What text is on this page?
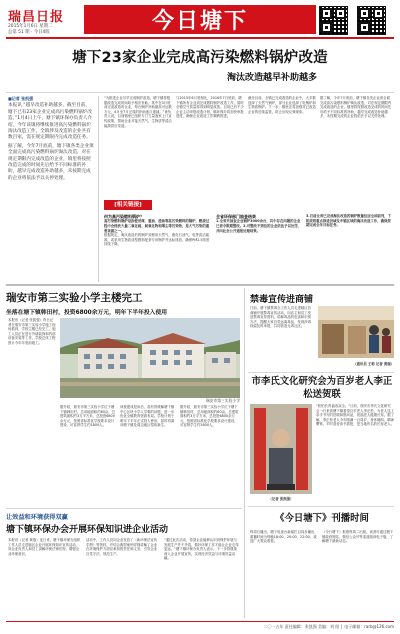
瑞昌日报
2015年1月6日 星期二
总第 51 期 · 今日4版	今日塘下
塘下23家企业完成高污染燃料锅炉改造
淘汰改造越早补助越多
■记者 张凯强
本报讯 “越早改造补助越多，截至目前，塘下已有23家企业完成高污染燃料锅炉改造。”1月4日上午，塘下镇环保办负责人介绍，今年该镇将继续推进高污染燃料锅炉淘汰改造工作，全镇涉及改造的企业共有数百家，需在规定期限内完成改造任务。
据了解，今年7月底前，塘下镇各类企业须全面完成高污染燃料锅炉淘汰改造，对在规定期限内完成改造的企业，镇里将按照改造完成的时间先后给予不同标准的补助，越早完成改造补助越多，未按期完成的企业将依法予以关停处理。
“为推进企业尽早完成锅炉改造，塘下镇将根据改造完成时间给予相应补助，其中在3月底前完成改造的企业，每台锅炉补助最高可达数万元，4月至7月完成的补助逐月递减。”该负责人说，目前镇里已组织专门力量逐家上门宣传政策，帮助企业对接天然气、生物质等清洁能源供应渠道。
与2015年6月底相比，2016年7月底前，塘下镇所有企业须完成燃料锅炉改造工作，届时全镇空气质量将得到明显改善。目前已有不少企业主动申报改造计划，镇环保办将加快审批进度，确保企业改造工作顺利推进。
截至目前，全镇已完成改造的企业中，大多数选择了天然气锅炉，部分企业选择了电锅炉和生物质锅炉。下一步，镇里还将加强对已改造企业的后续监管，防止出现反弹现象。
据了解，今年7月底前，塘下镇各类企业须全面完成高污染燃料锅炉淘汰改造，对在规定期限内完成改造的企业，镇里将按照改造完成的时间先后给予不同标准的补助，越早完成改造补助越多，未按期完成的企业将依法予以关停处理。
[相关链接]
何为高污染燃料锅炉？
高污染燃料锅炉是指使用煤、重油、渣油等高污染燃料的锅炉，燃烧过程中会排放大量二氧化硫、氮氧化物和烟尘等污染物，是大气污染的重要来源之一。
根据规定，淘汰改造后的锅炉须使用天然气、液化石油气、电等清洁能源，或采用生物质成型燃料配套专用锅炉并达标排放，确保PM2.5浓度持续下降。
全省环保部门抽查结果
1.全省共抽查企业锅炉3000余台，其中存在问题的企业已责令限期整改。2.对整改不到位的企业依法予以处罚，并向社会公开通报处理结果。
3.目前全省已完成淘汰改造的锅炉数量位居全国前列，下阶段将重点推进县城及乡镇区域的淘汰改造工作，确保按期完成全年目标任务。
瑞安市第三实验小学主楼完工
坐落在塘下镇韩田村，投资6800余万元，明年下半年投入使用
本报讯（记者 张凯强）昨日记者在瑞安市第三实验小学施工现场看到，学校主楼已经完工，施工人员正在进行外墙装饰和内部设备安装等工作，学校总体工程预计今年年底前竣工。
瑞安市第三实验小学
据介绍，瑞安市第三实验小学位于塘下镇韩田村，总用地面积约60亩，总建筑面积约3万平方米，总投资6800余万元，按照省标准化学校要求设计建设，可容纳学生约1800人。
该校建成投用后，将有效缓解塘下镇中心区块小学入学难的问题，进一步优化全镇教育资源布局。学校计划于明年下半年正式投入使用，届时将面向塘下镇及周边地区招收新生。
据介绍，瑞安市第三实验小学位于塘下镇韩田村，总用地面积约60亩，总建筑面积约3万平方米，总投资6800余万元，按照省标准化学校要求设计建设，可容纳学生约1800人。
让效益和环境获得双赢
塘下镇环保办会开展环保知识进企业活动
本报讯（记者 黄瑞）连日来，塘下镇环保办组织工作人员走进辖区企业开展环保知识宣传活动，向企业负责人和员工讲解环保法律法规，增强企业环保意识。
活动中，工作人员向企业发放了《新环保法宣传手册》等资料，并结合典型案例详细讲解了企业在环境保护方面应承担的责任和义务，引导企业自觉守法、规范生产。
“通过此次活动，希望企业能够认识到保护环境与发展生产并不矛盾，做好环保工作才能让企业走得更远。”塘下镇环保办负责人表示，下一步将继续深入企业开展宣传，实现经济效益与环境效益双赢。
禁毒宣传进商铺
日前，塘下镇禁毒办工作人员走进辖区各商铺开展禁毒宣传活动，向店主和员工发放禁毒宣传资料，讲解毒品的危害和识别方法，提醒大家自觉远离毒品，发现涉毒线索及时举报，共同营造无毒社区。
（通讯员 王莉 记者 黄瑞）
市李氏文化研究会为百岁老人李正松送贺联
“松柏长青福寿双全。”日前，瑞安市李氏文化研究会一行来到塘下镇看望百岁老人李正松，为老人送上亲手书写的贺联和慰问品，祝福老人健康长寿。据了解，李正松老人今年刚满一百周岁，身体硬朗，精神矍铄，平时喜爱读书看报，是当地有名的长寿老人。
（记者 张凯强）
《今日塘下》刊播时间
每周日播出，塘下电视台新闻栏目同步播出，重播时间为每晚18:00、20:00、22:00，欢迎广大观众收看。
《今日塘下》报纸每周二出版，读者可通过塘下镇政府网站、微信公众号等渠道阅读电子版，了解塘下最新动态。
二〇一五年 责任编辑：张凯强 美编：刘 阳 │ 电子邮箱：rarb@126.com
